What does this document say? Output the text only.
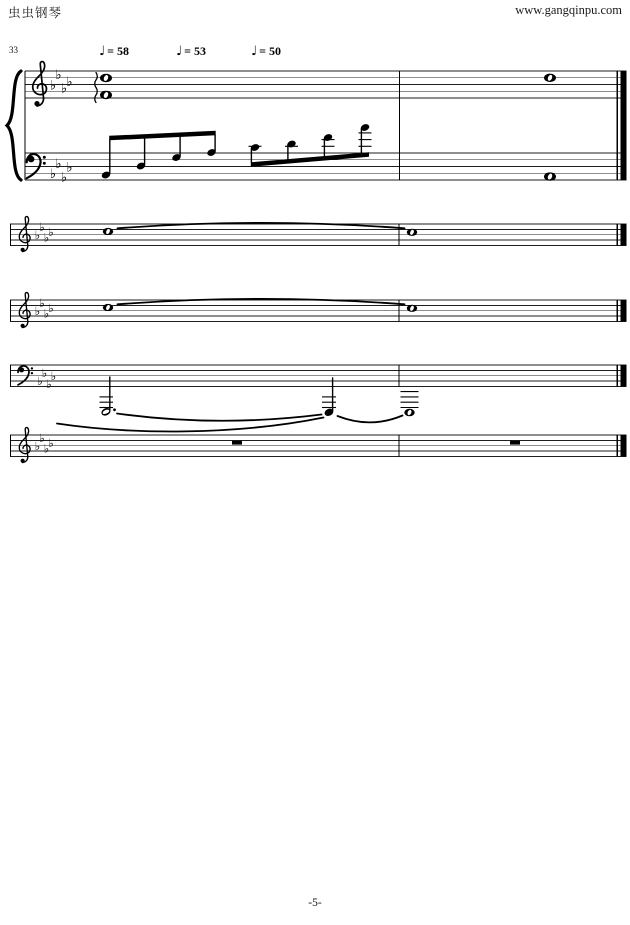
虫虫钢琴	www.gangqinpu.com
33	♩ = 58	♩ = 53	♩ = 50
♭
♭
♭ ♭
♭
♭
♭
♭
♭
♭
♭ ♭
♭
♭
♭ ♭
♭
♭
♭
♭
♭
♭
♭ ♭
-5-
